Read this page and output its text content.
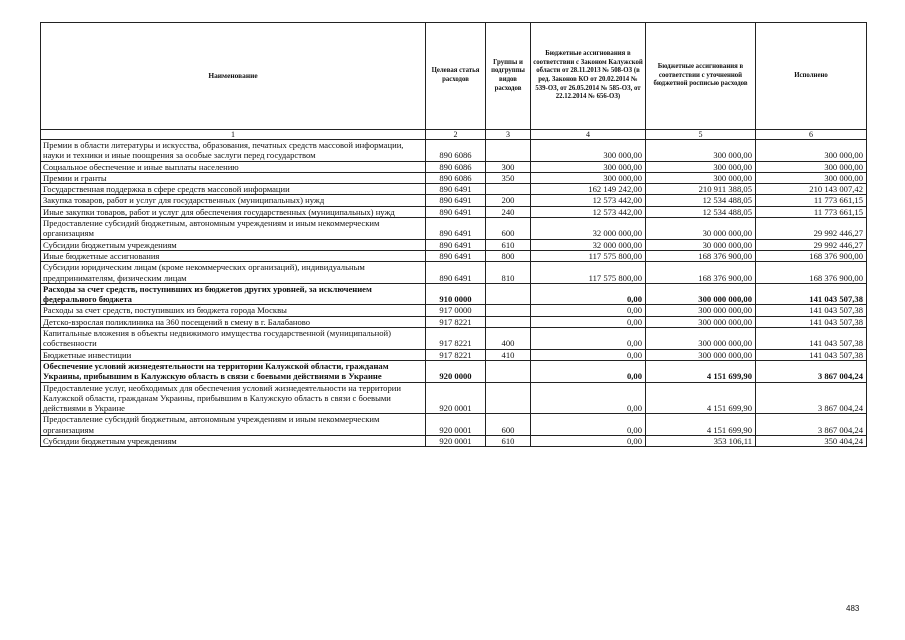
Наименование	Целевая статья расходов	Группы и подгруппы видов расходов	Бюджетные ассигнования в соответствии с Законом Калужской области от 28.11.2013 № 508-ОЗ (в ред. Законов КО от 20.02.2014 № 539-ОЗ, от 26.05.2014 № 585-ОЗ, от 22.12.2014 № 656-ОЗ)	Бюджетные ассигнования в соответствии с уточненной бюджетной росписью расходов	Исполнено
1	2	3	4	5	6
Премии в области литературы и искусства, образования, печатных средств массовой информации, науки и техники и иные поощрения за особые заслуги перед государством	890 6086		300 000,00	300 000,00	300 000,00
Социальное обеспечение и иные выплаты населению	890 6086	300	300 000,00	300 000,00	300 000,00
Премии и гранты	890 6086	350	300 000,00	300 000,00	300 000,00
Государственная поддержка в сфере средств массовой информации	890 6491		162 149 242,00	210 911 388,05	210 143 007,42
Закупка товаров, работ и услуг для государственных (муниципальных) нужд	890 6491	200	12 573 442,00	12 534 488,05	11 773 661,15
Иные закупки товаров, работ и услуг для обеспечения государственных (муниципальных) нужд	890 6491	240	12 573 442,00	12 534 488,05	11 773 661,15
Предоставление субсидий бюджетным, автономным учреждениям и иным некоммерческим организациям	890 6491	600	32 000 000,00	30 000 000,00	29 992 446,27
Субсидии бюджетным учреждениям	890 6491	610	32 000 000,00	30 000 000,00	29 992 446,27
Иные бюджетные ассигнования	890 6491	800	117 575 800,00	168 376 900,00	168 376 900,00
Субсидии юридическим лицам (кроме некоммерческих организаций), индивидуальным предпринимателям, физическим лицам	890 6491	810	117 575 800,00	168 376 900,00	168 376 900,00
Расходы за счет средств, поступивших из бюджетов других уровней, за исключением федерального бюджета	910 0000		0,00	300 000 000,00	141 043 507,38
Расходы за счет средств, поступивших из бюджета города Москвы	917 0000		0,00	300 000 000,00	141 043 507,38
Детско-взрослая поликлиника на 360 посещений в смену в г. Балабаново	917 8221		0,00	300 000 000,00	141 043 507,38
Капитальные вложения в объекты недвижимого имущества государственной (муниципальной) собственности	917 8221	400	0,00	300 000 000,00	141 043 507,38
Бюджетные инвестиции	917 8221	410	0,00	300 000 000,00	141 043 507,38
Обеспечение условий жизнедеятельности на территории Калужской области, гражданам Украины, прибывшим в Калужскую область в связи с боевыми действиями в Украине	920 0000		0,00	4 151 699,90	3 867 004,24
Предоставление услуг, необходимых для обеспечения условий жизнедеятельности на территории Калужской области, гражданам Украины, прибывшим в Калужскую область в связи с боевыми действиями в Украине	920 0001		0,00	4 151 699,90	3 867 004,24
Предоставление субсидий бюджетным, автономным учреждениям и иным некоммерческим организациям	920 0001	600	0,00	4 151 699,90	3 867 004,24
Субсидии бюджетным учреждениям	920 0001	610	0,00	353 106,11	350 404,24
483
